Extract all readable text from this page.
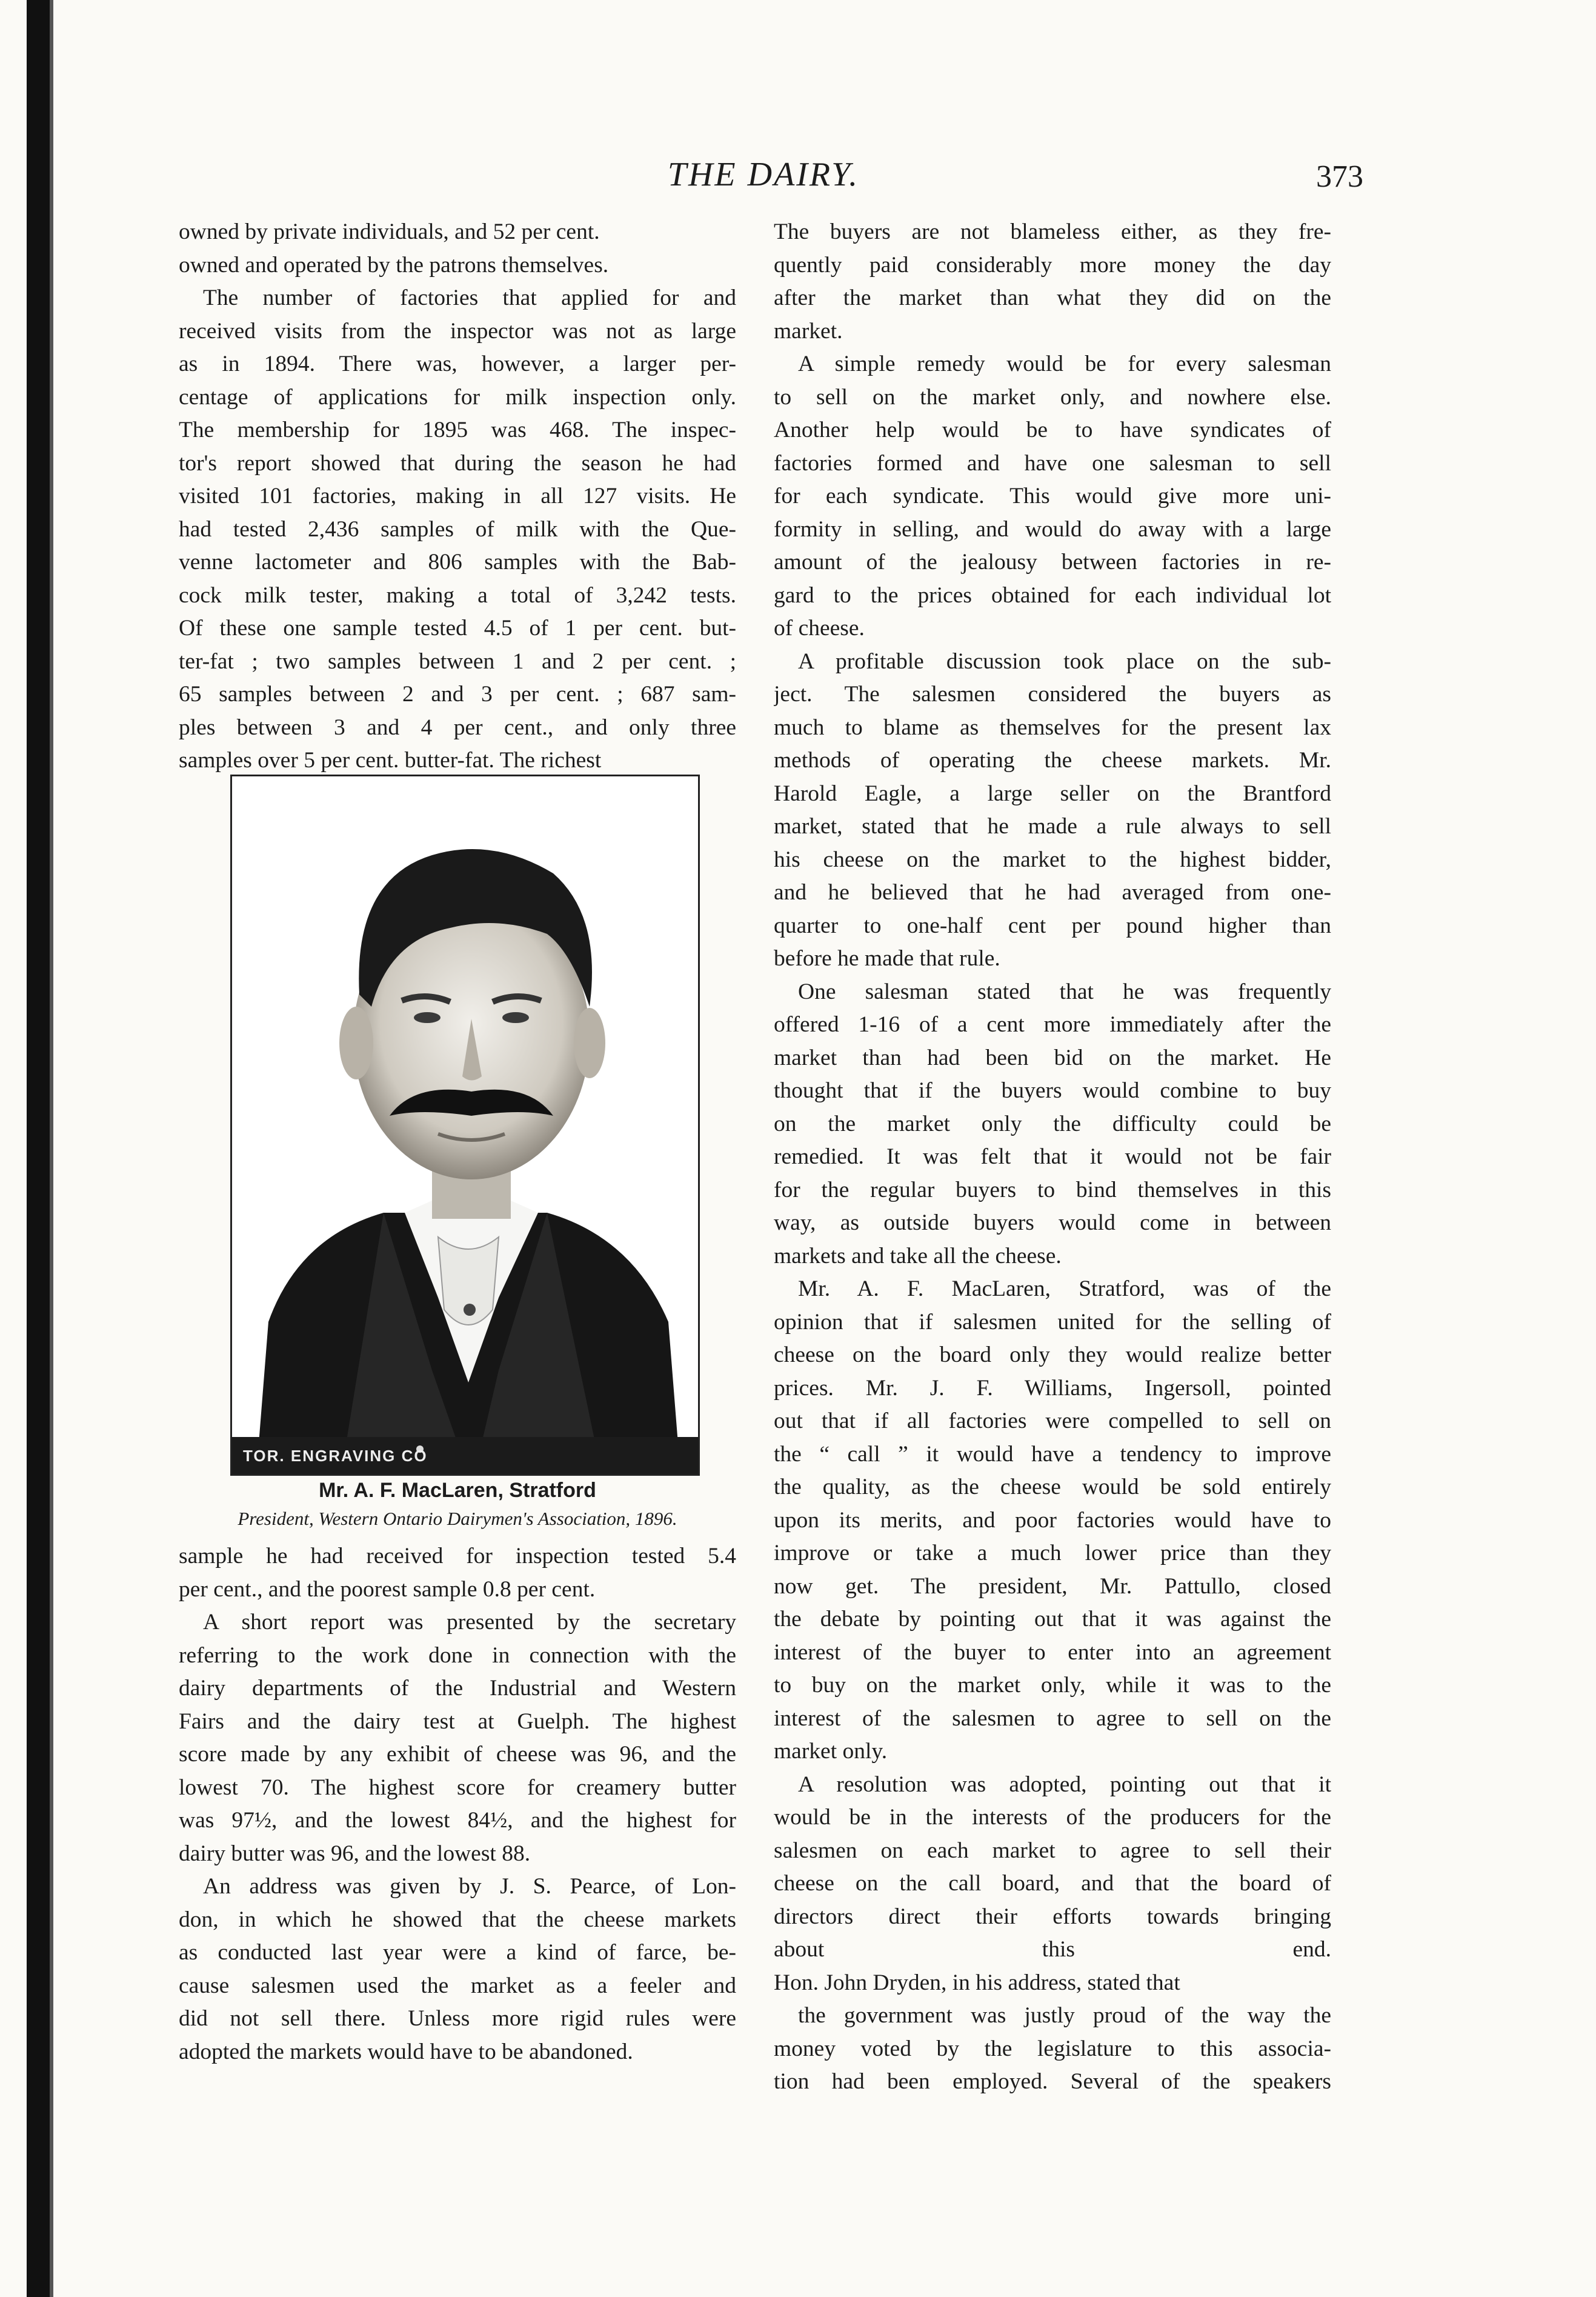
THE DAIRY.	373
owned by private individuals, and 52 per cent.
owned and operated by the patrons themselves.
The number of factories that applied for and
received visits from the inspector was not as large
as in 1894. There was, however, a larger per-
centage of applications for milk inspection only.
The membership for 1895 was 468. The inspec-
tor's report showed that during the season he had
visited 101 factories, making in all 127 visits. He
had tested 2,436 samples of milk with the Que-
venne lactometer and 806 samples with the Bab-
cock milk tester, making a total of 3,242 tests.
Of these one sample tested 4.5 of 1 per cent. but-
ter-fat ; two samples between 1 and 2 per cent. ;
65 samples between 2 and 3 per cent. ; 687 sam-
ples between 3 and 4 per cent., and only three
samples over 5 per cent. butter-fat. The richest
TOR. ENGRAVING CO
Mr. A. F. MacLaren, Stratford
President, Western Ontario Dairymen's Association, 1896.
sample he had received for inspection tested 5.4
per cent., and the poorest sample 0.8 per cent.
A short report was presented by the secretary
referring to the work done in connection with the
dairy departments of the Industrial and Western
Fairs and the dairy test at Guelph. The highest
score made by any exhibit of cheese was 96, and the
lowest 70. The highest score for creamery butter
was 97½, and the lowest 84½, and the highest for
dairy butter was 96, and the lowest 88.
An address was given by J. S. Pearce, of Lon-
don, in which he showed that the cheese markets
as conducted last year were a kind of farce, be-
cause salesmen used the market as a feeler and
did not sell there. Unless more rigid rules were
adopted the markets would have to be abandoned.
The buyers are not blameless either, as they fre-
quently paid considerably more money the day
after the market than what they did on the
market.
A simple remedy would be for every salesman
to sell on the market only, and nowhere else.
Another help would be to have syndicates of
factories formed and have one salesman to sell
for each syndicate. This would give more uni-
formity in selling, and would do away with a large
amount of the jealousy between factories in re-
gard to the prices obtained for each individual lot
of cheese.
A profitable discussion took place on the sub-
ject. The salesmen considered the buyers as
much to blame as themselves for the present lax
methods of operating the cheese markets. Mr.
Harold Eagle, a large seller on the Brantford
market, stated that he made a rule always to sell
his cheese on the market to the highest bidder,
and he believed that he had averaged from one-
quarter to one-half cent per pound higher than
before he made that rule.
One salesman stated that he was frequently
offered 1-16 of a cent more immediately after the
market than had been bid on the market. He
thought that if the buyers would combine to buy
on the market only the difficulty could be
remedied. It was felt that it would not be fair
for the regular buyers to bind themselves in this
way, as outside buyers would come in between
markets and take all the cheese.
Mr. A. F. MacLaren, Stratford, was of the
opinion that if salesmen united for the selling of
cheese on the board only they would realize better
prices. Mr. J. F. Williams, Ingersoll, pointed
out that if all factories were compelled to sell on
the “ call ” it would have a tendency to improve
the quality, as the cheese would be sold entirely
upon its merits, and poor factories would have to
improve or take a much lower price than they
now get. The president, Mr. Pattullo, closed
the debate by pointing out that it was against the
interest of the buyer to enter into an agreement
to buy on the market only, while it was to the
interest of the salesmen to agree to sell on the
market only.
A resolution was adopted, pointing out that it
would be in the interests of the producers for the
salesmen on each market to agree to sell their
cheese on the call board, and that the board of
directors direct their efforts towards bringing
about this end.
Hon. John Dryden, in his address, stated that
the government was justly proud of the way the
money voted by the legislature to this associa-
tion had been employed. Several of the speakers
